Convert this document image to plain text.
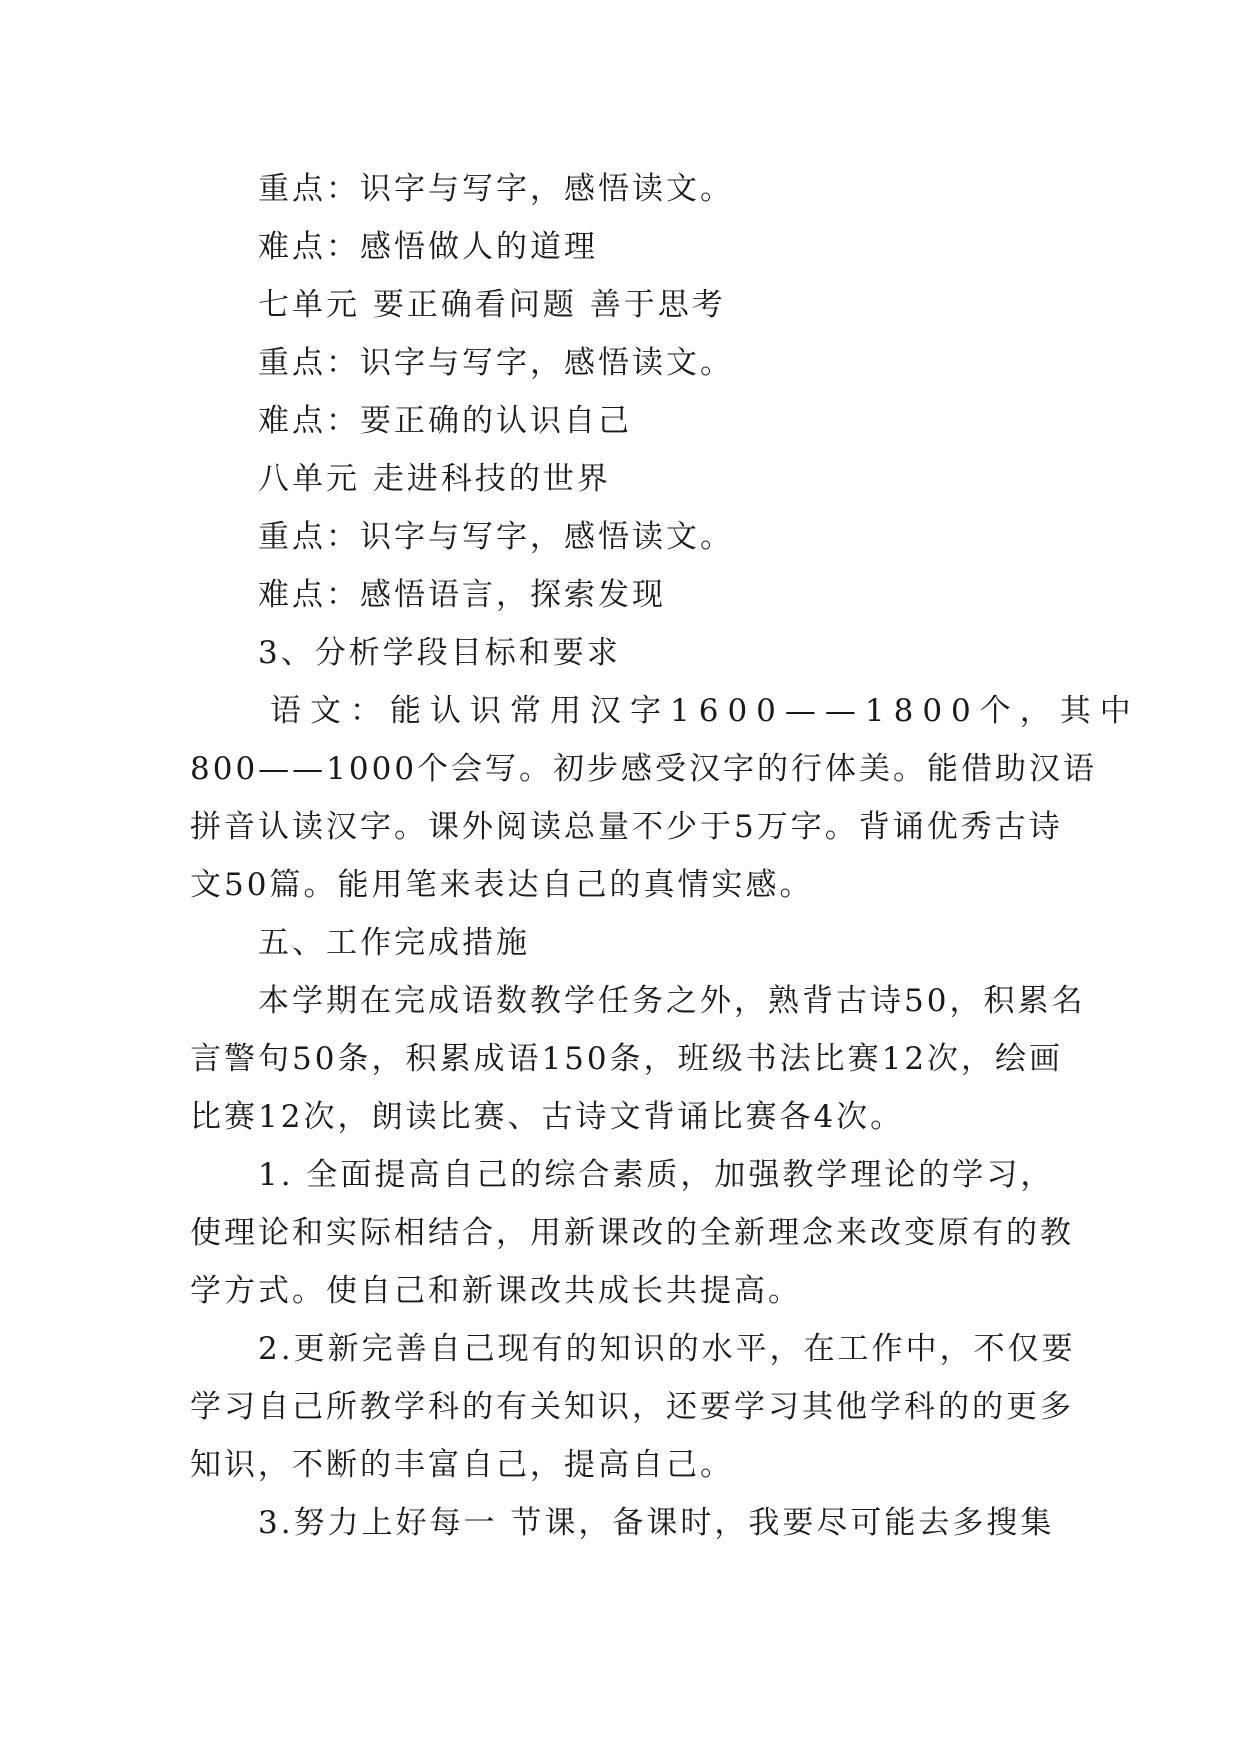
重点：识字与写字，感悟读文。
难点：感悟做人的道理
七单元 要正确看问题 善于思考
重点：识字与写字，感悟读文。
难点：要正确的认识自己
八单元 走进科技的世界
重点：识字与写字，感悟读文。
难点：感悟语言，探索发现
3、分析学段目标和要求
语文：能认识常用汉字1600——1800个，其中
800——1000个会写。初步感受汉字的行体美。能借助汉语
拼音认读汉字。课外阅读总量不少于5万字。背诵优秀古诗
文50篇。能用笔来表达自己的真情实感。
五、工作完成措施
本学期在完成语数教学任务之外，熟背古诗50，积累名
言警句50条，积累成语150条，班级书法比赛12次，绘画
比赛12次，朗读比赛、古诗文背诵比赛各4次。
1. 全面提高自己的综合素质，加强教学理论的学习，
使理论和实际相结合，用新课改的全新理念来改变原有的教
学方式。使自己和新课改共成长共提高。
2.更新完善自己现有的知识的水平，在工作中，不仅要
学习自己所教学科的有关知识，还要学习其他学科的的更多
知识，不断的丰富自己，提高自己。
3.努力上好每一 节课，备课时，我要尽可能去多搜集
